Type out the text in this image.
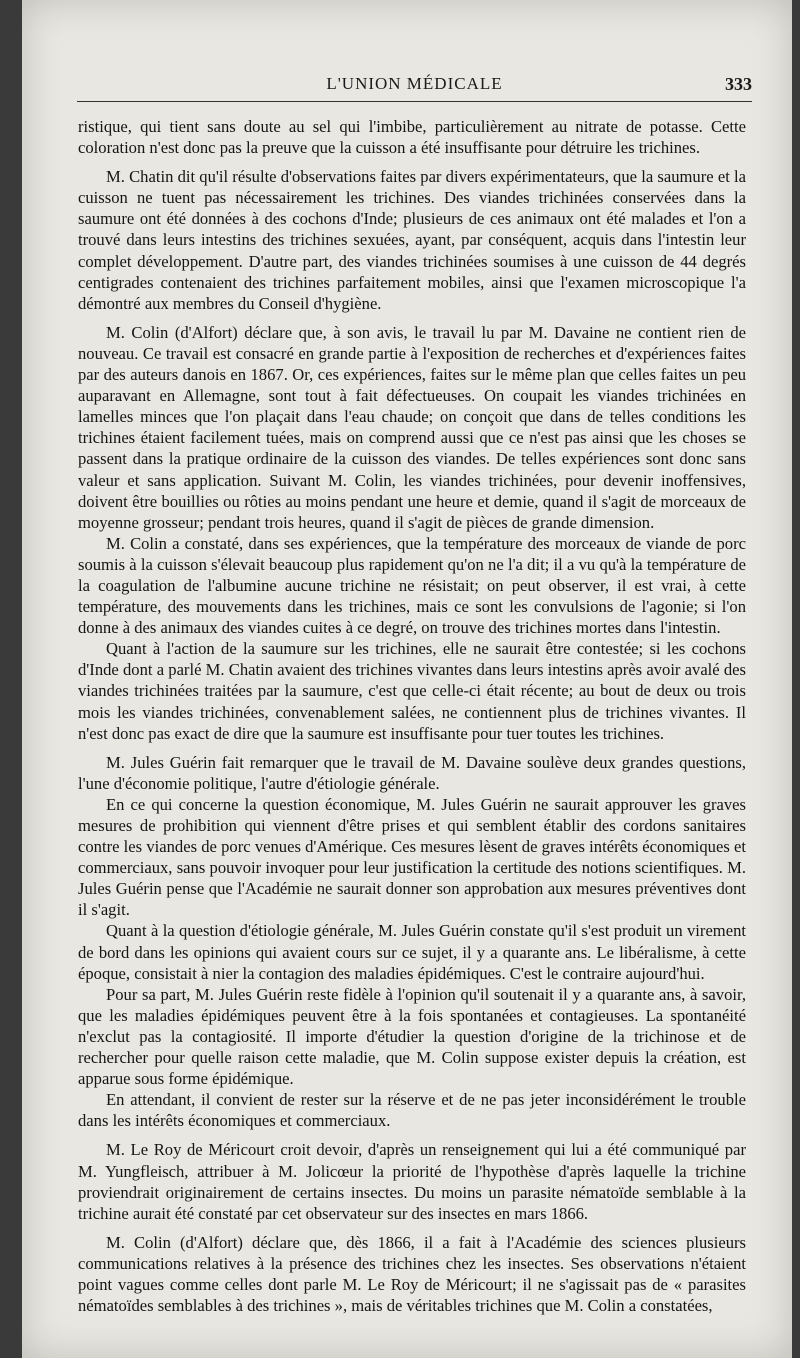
L'UNION MÉDICALE	333

ristique, qui tient sans doute au sel qui l'imbibe, particulièrement au nitrate de potasse. Cette coloration n'est donc pas la preuve que la cuisson a été insuffisante pour détruire les trichines.

M. Chatin dit qu'il résulte d'observations faites par divers expérimentateurs, que la saumure et la cuisson ne tuent pas nécessairement les trichines. Des viandes trichinées conservées dans la saumure ont été données à des cochons d'Inde; plusieurs de ces animaux ont été malades et l'on a trouvé dans leurs intestins des trichines sexuées, ayant, par conséquent, acquis dans l'intestin leur complet développement. D'autre part, des viandes trichinées soumises à une cuisson de 44 degrés centigrades contenaient des trichines parfaitement mobiles, ainsi que l'examen microscopique l'a démontré aux membres du Conseil d'hygiène.

M. Colin (d'Alfort) déclare que, à son avis, le travail lu par M. Davaine ne contient rien de nouveau. Ce travail est consacré en grande partie à l'exposition de recherches et d'expériences faites par des auteurs danois en 1867. Or, ces expériences, faites sur le même plan que celles faites un peu auparavant en Allemagne, sont tout à fait défectueuses. On coupait les viandes trichinées en lamelles minces que l'on plaçait dans l'eau chaude; on conçoit que dans de telles conditions les trichines étaient facilement tuées, mais on comprend aussi que ce n'est pas ainsi que les choses se passent dans la pratique ordinaire de la cuisson des viandes. De telles expériences sont donc sans valeur et sans application. Suivant M. Colin, les viandes trichinées, pour devenir inoffensives, doivent être bouillies ou rôties au moins pendant une heure et demie, quand il s'agit de morceaux de moyenne grosseur; pendant trois heures, quand il s'agit de pièces de grande dimension.

M. Colin a constaté, dans ses expériences, que la température des morceaux de viande de porc soumis à la cuisson s'élevait beaucoup plus rapidement qu'on ne l'a dit; il a vu qu'à la température de la coagulation de l'albumine aucune trichine ne résistait; on peut observer, il est vrai, à cette température, des mouvements dans les trichines, mais ce sont les convulsions de l'agonie; si l'on donne à des animaux des viandes cuites à ce degré, on trouve des trichines mortes dans l'intestin.

Quant à l'action de la saumure sur les trichines, elle ne saurait être contestée; si les cochons d'Inde dont a parlé M. Chatin avaient des trichines vivantes dans leurs intestins après avoir avalé des viandes trichinées traitées par la saumure, c'est que celle-ci était récente; au bout de deux ou trois mois les viandes trichinées, convenablement salées, ne contiennent plus de trichines vivantes. Il n'est donc pas exact de dire que la saumure est insuffisante pour tuer toutes les trichines.

M. Jules Guérin fait remarquer que le travail de M. Davaine soulève deux grandes questions, l'une d'économie politique, l'autre d'étiologie générale.

En ce qui concerne la question économique, M. Jules Guérin ne saurait approuver les graves mesures de prohibition qui viennent d'être prises et qui semblent établir des cordons sanitaires contre les viandes de porc venues d'Amérique. Ces mesures lèsent de graves intérêts économiques et commerciaux, sans pouvoir invoquer pour leur justification la certitude des notions scientifiques. M. Jules Guérin pense que l'Académie ne saurait donner son approbation aux mesures préventives dont il s'agit.

Quant à la question d'étiologie générale, M. Jules Guérin constate qu'il s'est produit un virement de bord dans les opinions qui avaient cours sur ce sujet, il y a quarante ans. Le libéralisme, à cette époque, consistait à nier la contagion des maladies épidémiques. C'est le contraire aujourd'hui.

Pour sa part, M. Jules Guérin reste fidèle à l'opinion qu'il soutenait il y a quarante ans, à savoir, que les maladies épidémiques peuvent être à la fois spontanées et contagieuses. La spontanéité n'exclut pas la contagiosité. Il importe d'étudier la question d'origine de la trichinose et de rechercher pour quelle raison cette maladie, que M. Colin suppose exister depuis la création, est apparue sous forme épidémique.

En attendant, il convient de rester sur la réserve et de ne pas jeter inconsidérément le trouble dans les intérêts économiques et commerciaux.

M. Le Roy de Méricourt croit devoir, d'après un renseignement qui lui a été communiqué par M. Yungfleisch, attribuer à M. Jolicœur la priorité de l'hypothèse d'après laquelle la trichine proviendrait originairement de certains insectes. Du moins un parasite nématoïde semblable à la trichine aurait été constaté par cet observateur sur des insectes en mars 1866.

M. Colin (d'Alfort) déclare que, dès 1866, il a fait à l'Académie des sciences plusieurs communications relatives à la présence des trichines chez les insectes. Ses observations n'étaient point vagues comme celles dont parle M. Le Roy de Méricourt; il ne s'agissait pas de « parasites nématoïdes semblables à des trichines », mais de véritables trichines que M. Colin a constatées,
